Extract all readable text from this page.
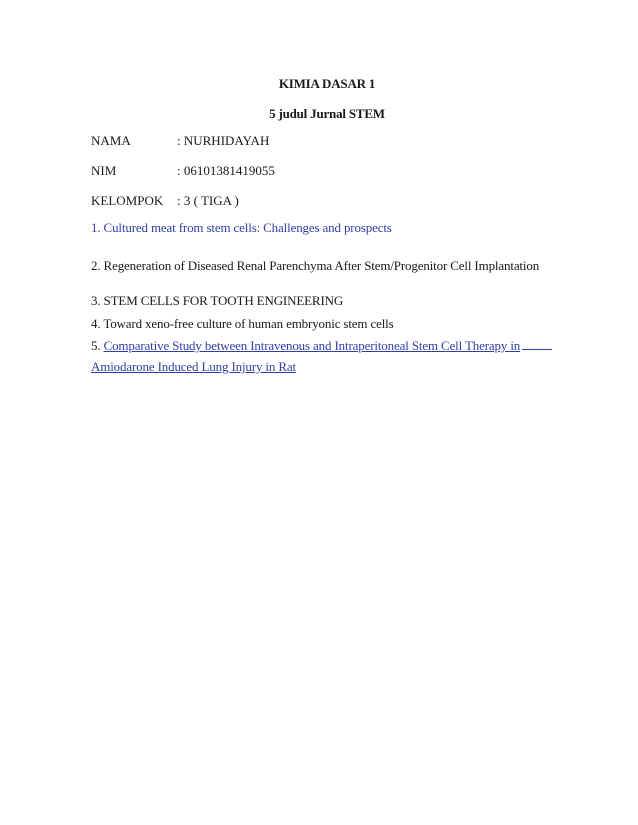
KIMIA DASAR 1
5 judul Jurnal STEM
NAMA	: NURHIDAYAH
NIM	: 06101381419055
KELOMPOK : 3 ( TIGA )
1. Cultured meat from stem cells: Challenges and prospects
2. Regeneration of Diseased Renal Parenchyma After Stem/Progenitor Cell Implantation
3. STEM CELLS FOR TOOTH ENGINEERING
4. Toward xeno-free culture of human embryonic stem cells
5. Comparative Study between Intravenous and Intraperitoneal Stem Cell Therapy in
Amiodarone Induced Lung Injury in Rat
